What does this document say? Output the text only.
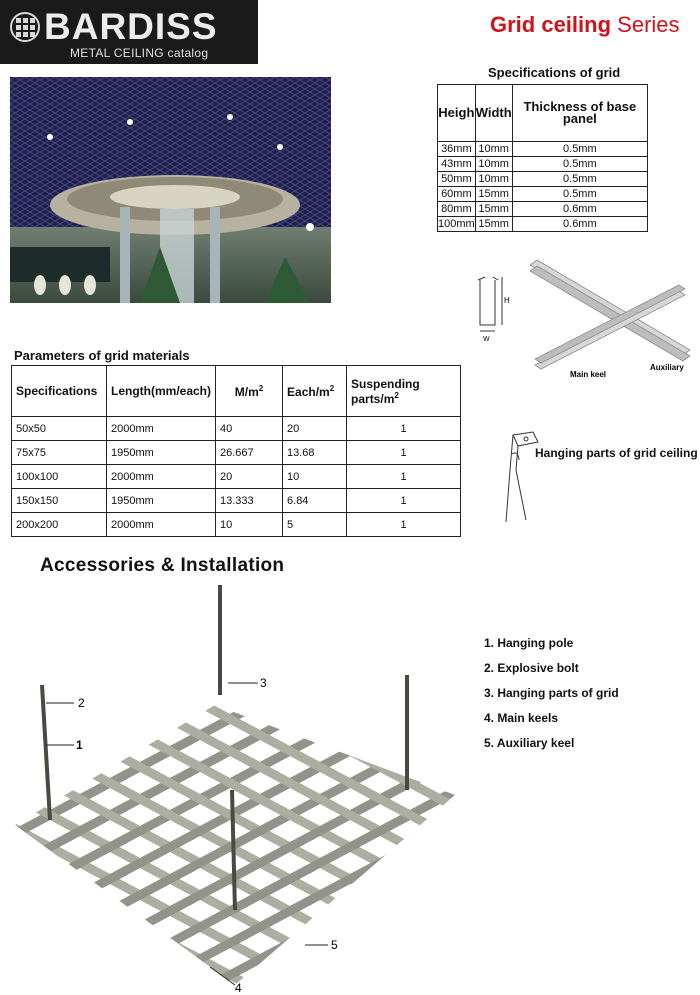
BARDISS
METAL CEILING catalog
Grid ceiling Series
Specifications of grid
Heigh	Width	Thickness of base panel
36mm	10mm	0.5mm
43mm	10mm	0.5mm
50mm	10mm	0.5mm
60mm	15mm	0.5mm
80mm	15mm	0.6mm
100mm	15mm	0.6mm
H
W
Main keel
Auxiliary
Parameters of grid materials
Specifications	Length(mm/each)	$M/m^2$	Each/$m^2$	Suspending parts/$m^2$
50x50	2000mm	40	20	1
75x75	1950mm	26.667	13.68	1
100x100	2000mm	20	10	1
150x150	1950mm	13.333	6.84	1
200x200	2000mm	10	5	1
Hanging parts of grid ceiling
Accessories & Installation
1. Hanging pole
2. Explosive bolt
3. Hanging parts of grid
4. Main keels
5. Auxiliary keel
3
2
1
5
4
